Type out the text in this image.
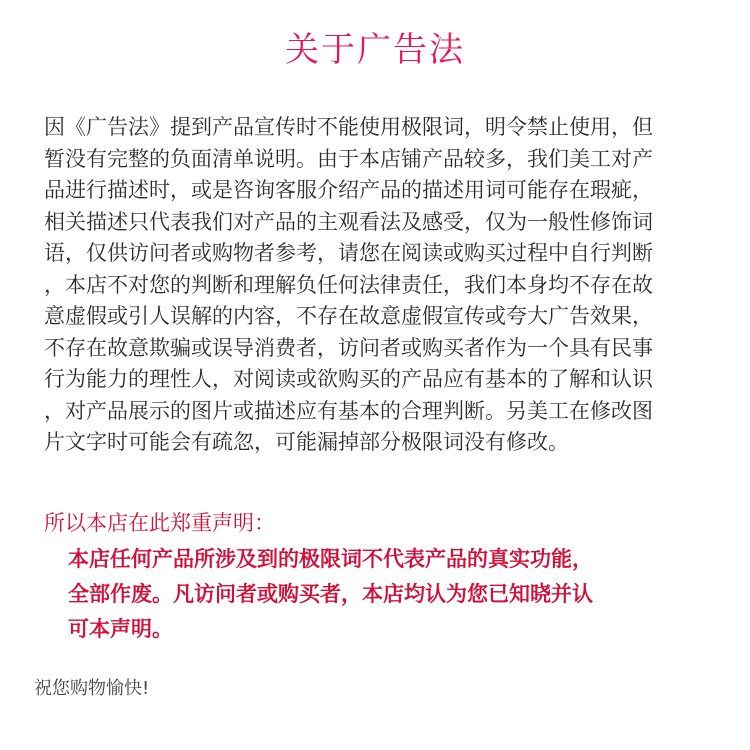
关于广告法
因《广告法》提到产品宣传时不能使用极限词，明令禁止使用，但
暂没有完整的负面清单说明。由于本店铺产品较多，我们美工对产
品进行描述时，或是咨询客服介绍产品的描述用词可能存在瑕疵，
相关描述只代表我们对产品的主观看法及感受，仅为一般性修饰词
语，仅供访问者或购物者参考，请您在阅读或购买过程中自行判断
，本店不对您的判断和理解负任何法律责任，我们本身均不存在故
意虚假或引人误解的内容，不存在故意虚假宣传或夸大广告效果，
不存在故意欺骗或误导消费者，访问者或购买者作为一个具有民事
行为能力的理性人，对阅读或欲购买的产品应有基本的了解和认识
，对产品展示的图片或描述应有基本的合理判断。另美工在修改图
片文字时可能会有疏忽，可能漏掉部分极限词没有修改。

所以本店在此郑重声明：

本店任何产品所涉及到的极限词不代表产品的真实功能，
全部作废。凡访问者或购买者，本店均认为您已知晓并认
可本声明。

祝您购物愉快!
